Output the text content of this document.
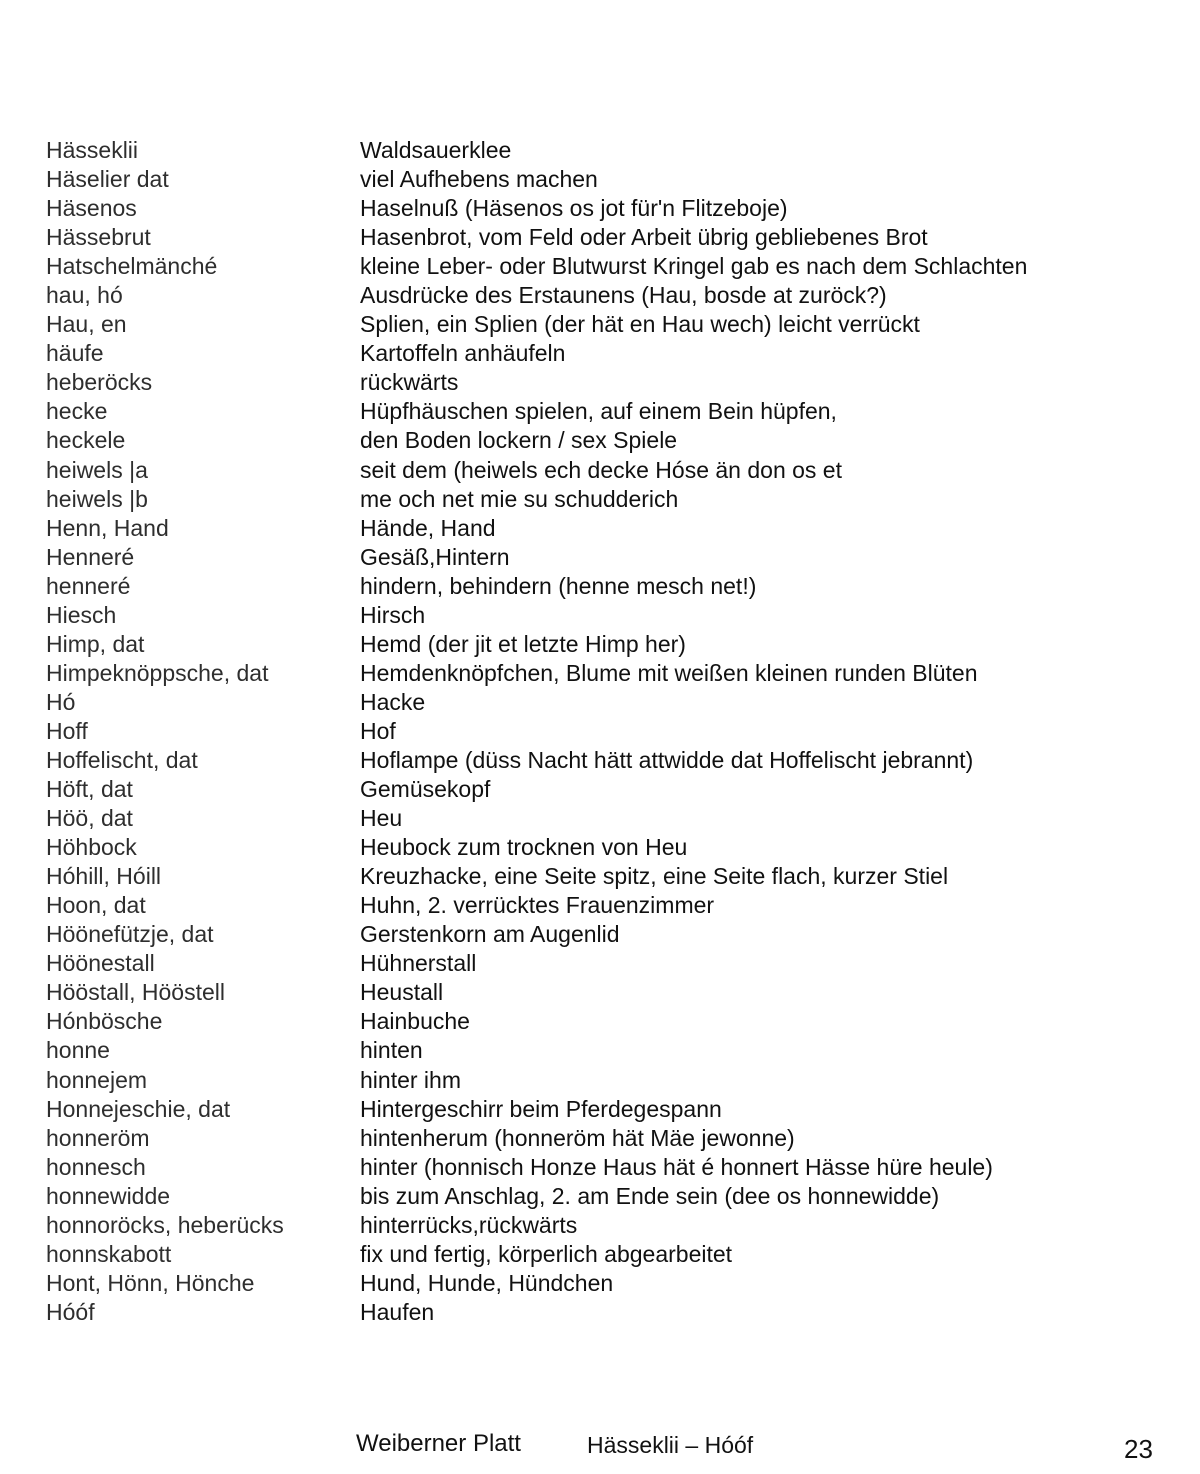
Hässeklii	Waldsauerklee
Häselier dat	viel Aufhebens machen
Häsenos	Haselnuß (Häsenos os jot für'n Flitzeboje)
Hässebrut	Hasenbrot, vom Feld oder Arbeit übrig gebliebenes Brot
Hatschelmänché	kleine Leber- oder Blutwurst Kringel gab es nach dem Schlachten
hau, hó	Ausdrücke des Erstaunens (Hau, bosde at zuröck?)
Hau, en	Splien, ein Splien (der hät en Hau wech) leicht verrückt
häufe	Kartoffeln anhäufeln
heberöcks	rückwärts
hecke	Hüpfhäuschen spielen, auf einem Bein hüpfen,
heckele	den Boden lockern / sex Spiele
heiwels |a	seit dem (heiwels ech decke Hóse än don os et
heiwels |b	me och net mie su schudderich
Henn, Hand	Hände, Hand
Henneré	Gesäß,Hintern
henneré	hindern, behindern (henne mesch net!)
Hiesch	Hirsch
Himp, dat	Hemd (der jit et letzte Himp her)
Himpeknöppsche, dat	Hemdenknöpfchen, Blume mit weißen kleinen runden Blüten
Hó	Hacke
Hoff	Hof
Hoffelischt, dat	Hoflampe (düss Nacht hätt attwidde dat Hoffelischt jebrannt)
Höft, dat	Gemüsekopf
Höö, dat	Heu
Höhbock	Heubock zum trocknen von Heu
Hóhill, Hóill	Kreuzhacke, eine Seite spitz, eine Seite flach, kurzer Stiel
Hoon, dat	Huhn, 2. verrücktes Frauenzimmer
Höönefützje, dat	Gerstenkorn am Augenlid
Höönestall	Hühnerstall
Hööstall, Hööstell	Heustall
Hónbösche	Hainbuche
honne	hinten
honnejem	hinter ihm
Honnejeschie, dat	Hintergeschirr beim Pferdegespann
honneröm	hintenherum (honneröm hät Mäe jewonne)
honnesch	hinter (honnisch Honze Haus hät é honnert Hässe hüre heule)
honnewidde	bis zum Anschlag, 2. am Ende sein (dee os honnewidde)
honnoröcks, heberücks	hinterrücks,rückwärts
honnskabott	fix und fertig, körperlich abgearbeitet
Hont, Hönn, Hönche	Hund, Hunde, Hündchen
Hóóf	Haufen
Weiberner Platt	Hässeklii – Hóóf	23
